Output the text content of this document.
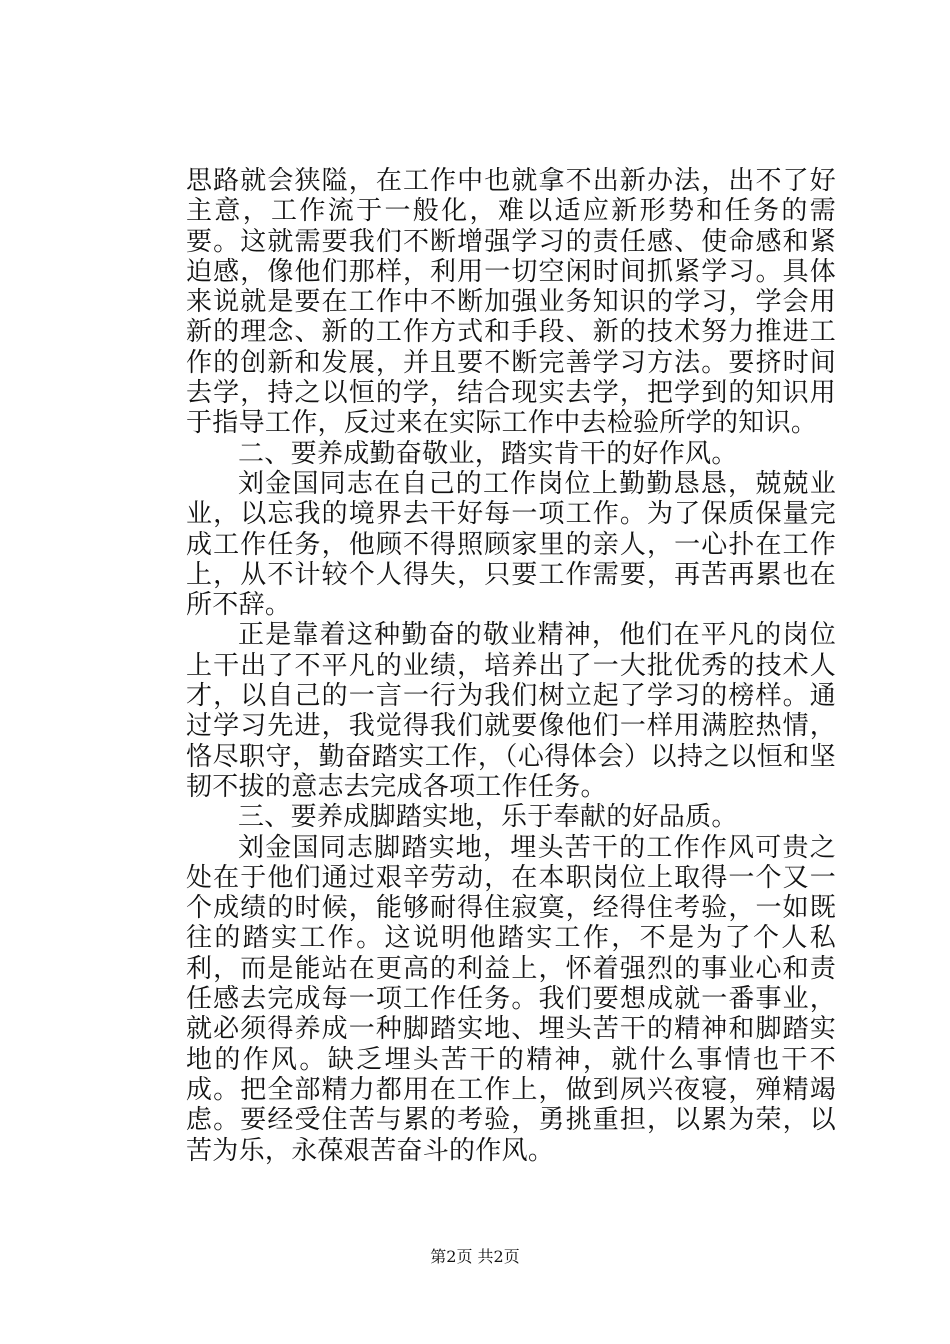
思路就会狭隘，在工作中也就拿不出新办法，出不了好主意，工作流于一般化，难以适应新形势和任务的需要。这就需要我们不断增强学习的责任感、使命感和紧迫感，像他们那样，利用一切空闲时间抓紧学习。具体来说就是要在工作中不断加强业务知识的学习，学会用新的理念、新的工作方式和手段、新的技术努力推进工作的创新和发展，并且要不断完善学习方法。要挤时间去学，持之以恒的学，结合现实去学，把学到的知识用于指导工作，反过来在实际工作中去检验所学的知识。

二、要养成勤奋敬业，踏实肯干的好作风。

刘金国同志在自己的工作岗位上勤勤恳恳，兢兢业业，以忘我的境界去干好每一项工作。为了保质保量完成工作任务，他顾不得照顾家里的亲人，一心扑在工作上，从不计较个人得失，只要工作需要，再苦再累也在所不辞。

正是靠着这种勤奋的敬业精神，他们在平凡的岗位上干出了不平凡的业绩，培养出了一大批优秀的技术人才，以自己的一言一行为我们树立起了学习的榜样。通过学习先进，我觉得我们就要像他们一样用满腔热情，恪尽职守，勤奋踏实工作，（心得体会）以持之以恒和坚韧不拔的意志去完成各项工作任务。

三、要养成脚踏实地，乐于奉献的好品质。

刘金国同志脚踏实地，埋头苦干的工作作风可贵之处在于他们通过艰辛劳动，在本职岗位上取得一个又一个成绩的时候，能够耐得住寂寞，经得住考验，一如既往的踏实工作。这说明他踏实工作，不是为了个人私利，而是能站在更高的利益上，怀着强烈的事业心和责任感去完成每一项工作任务。我们要想成就一番事业，就必须得养成一种脚踏实地、埋头苦干的精神和脚踏实地的作风。缺乏埋头苦干的精神，就什么事情也干不成。把全部精力都用在工作上，做到夙兴夜寝，殚精竭虑。要经受住苦与累的考验，勇挑重担，以累为荣，以苦为乐，永葆艰苦奋斗的作风。

第2页 共2页
